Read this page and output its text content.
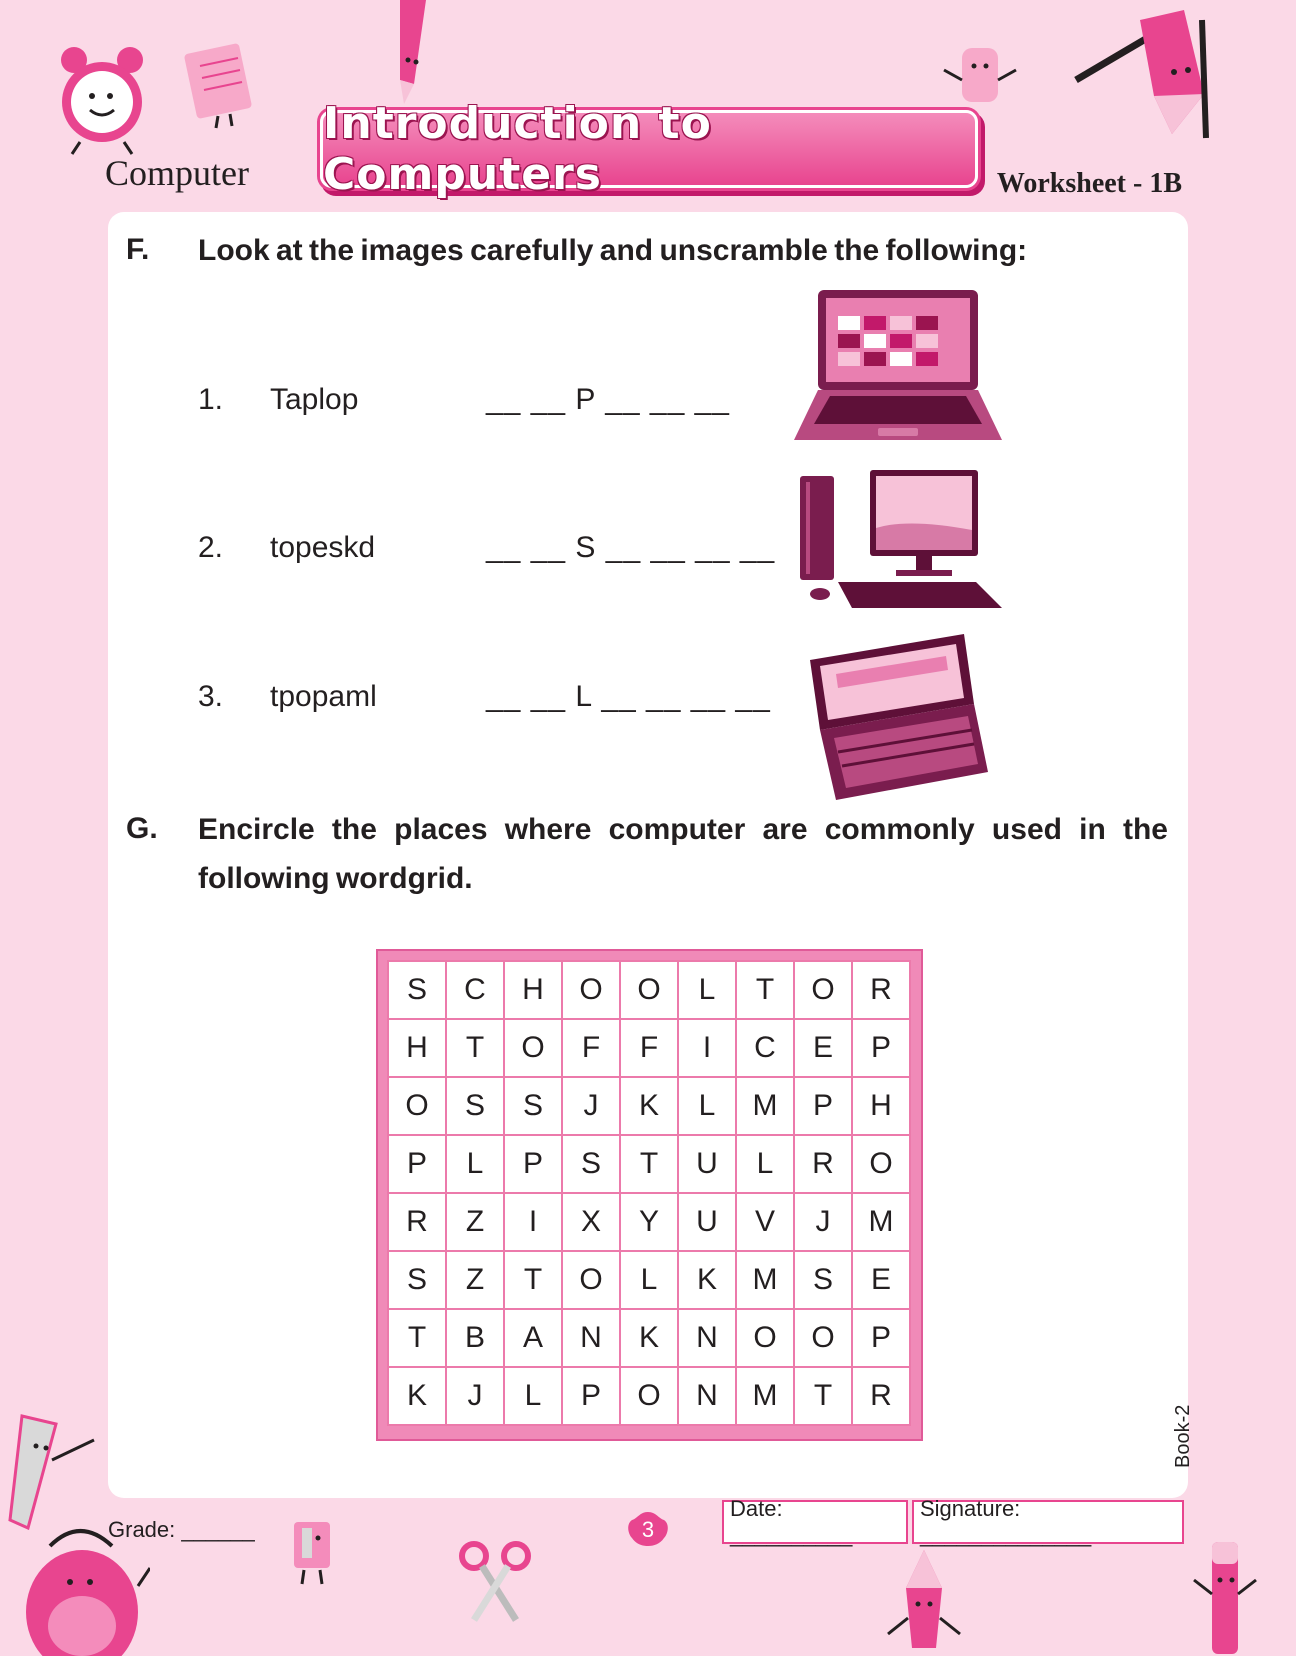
Computer
Introduction to Computers	Worksheet - 1B
F. Look at the images carefully and unscramble the following:
1. Taplop	__ __ P __ __ __
2. topeskd	__ __ S __ __ __ __
3. tpopaml	__ __ L __ __ __ __
G. Encircle the places where computer are commonly used in the
following wordgrid.
S	C	H	O	O	L	T	O	R
H	T	O	F	F	I	C	E	P
O	S	S	J	K	L	M	P	H
P	L	P	S	T	U	L	R	O
R	Z	I	X	Y	U	V	J	M
S	Z	T	O	L	K	M	S	E
T	B	A	N	K	N	O	O	P
K	J	L	P	O	N	M	T	R
Grade: ______	3
Date: __________
Signature: ______________
Book-2
